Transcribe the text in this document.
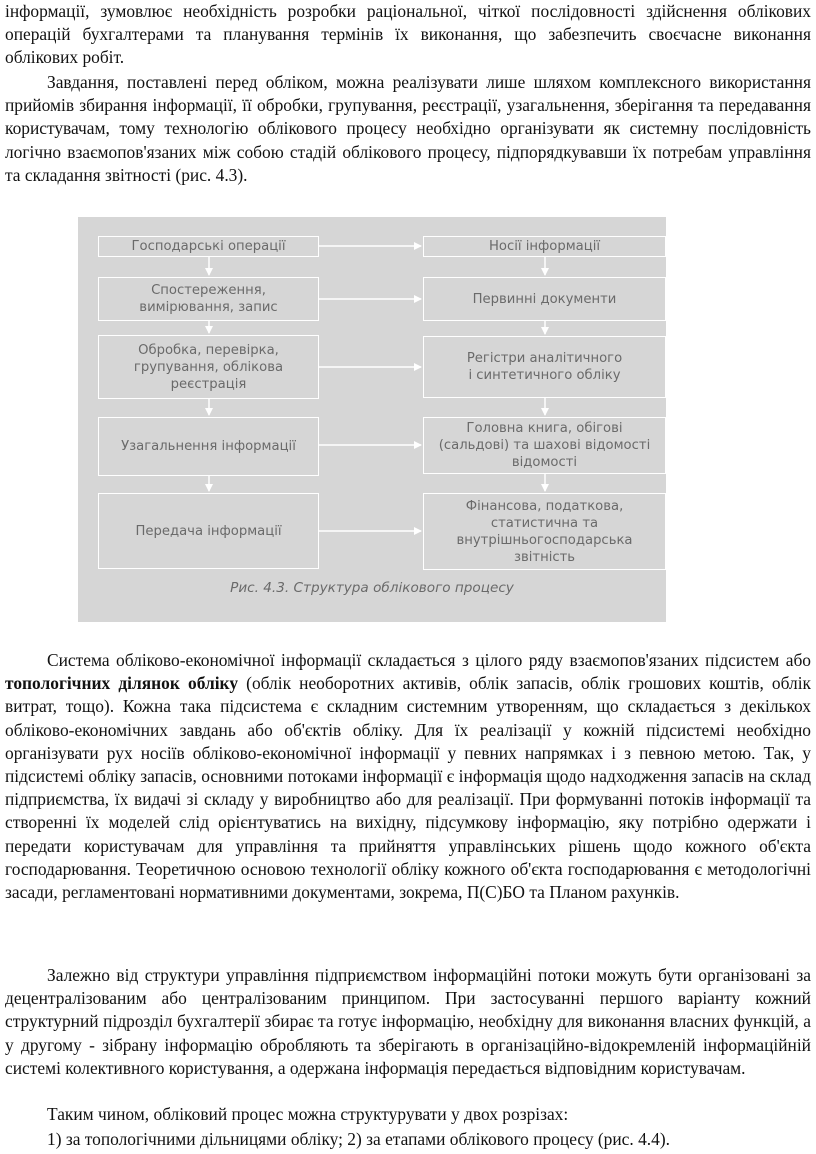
інформації, зумовлює необхідність розробки раціональної, чіткої послідовності здійснення облікових операцій бухгалтерами та планування термінів їх виконання, що забезпечить своєчасне виконання облікових робіт.

Завдання, поставлені перед обліком, можна реалізувати лише шляхом комплексного використання прийомів збирання інформації, її обробки, групування, реєстрації, узагальнення, зберігання та передавання користувачам, тому технологію облікового процесу необхідно організувати як системну послідовність логічно взаємопов'язаних між собою стадій облікового процесу, підпорядкувавши їх потребам управління та складання звітності (рис. 4.3).

Господарські операції
Спостереження,
вимірювання, запис
Обробка, перевірка,
групування, облікова
реєстрація
Узагальнення інформації
Передача інформації
Носії інформації
Первинні документи
Регістри аналітичного
і синтетичного обліку
Головна книга, обігові
(сальдові) та шахові відомості
відомості
Фінансова, податкова,
статистична та
внутрішньогосподарська
звітність
Рис. 4.3. Структура облікового процесу

Система обліково-економічної інформації складається з цілого ряду взаємопов'язаних підсистем або топологічних ділянок обліку (облік необоротних активів, облік запасів, облік грошових коштів, облік витрат, тощо). Кожна така підсистема є складним системним утворенням, що складається з декількох обліково-економічних завдань або об'єктів обліку. Для їх реалізації у кожній підсистемі необхідно організувати рух носіїв обліково-економічної інформації у певних напрямках і з певною метою. Так, у підсистемі обліку запасів, основними потоками інформації є інформація щодо надходження запасів на склад підприємства, їх видачі зі складу у виробництво або для реалізації. При формуванні потоків інформації та створенні їх моделей слід орієнтуватись на вихідну, підсумкову інформацію, яку потрібно одержати і передати користувачам для управління та прийняття управлінських рішень щодо кожного об'єкта господарювання. Теоретичною основою технології обліку кожного об'єкта господарювання є методологічні засади, регламентовані нормативними документами, зокрема, П(С)БО та Планом рахунків.

Залежно від структури управління підприємством інформаційні потоки можуть бути організовані за децентралізованим або централізованим принципом. При застосуванні першого варіанту кожний структурний підрозділ бухгалтерії збирає та готує інформацію, необхідну для виконання власних функцій, а у другому - зібрану інформацію обробляють та зберігають в організаційно-відокремленій інформаційній системі колективного користування, а одержана інформація передається відповідним користувачам.

Таким чином, обліковий процес можна структурувати у двох розрізах:

1) за топологічними дільницями обліку; 2) за етапами облікового процесу (рис. 4.4).
